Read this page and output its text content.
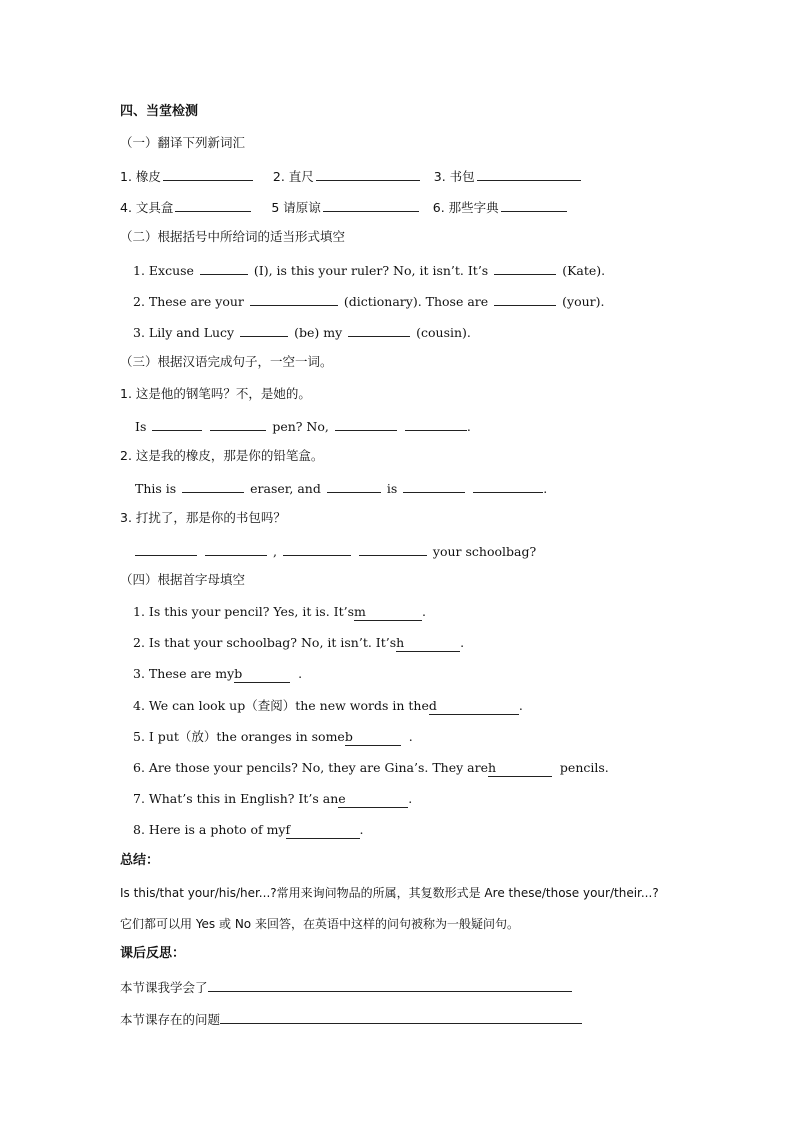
四、当堂检测
（一）翻译下列新词汇
1. 橡皮	2. 直尺	3. 书包
4. 文具盒	5 请原谅	6. 那些字典
（二）根据括号中所给词的适当形式填空
1. Excuse	(I), is this your ruler? No, it isn’t. It’s	(Kate).
2. These are your	(dictionary). Those are	(your).
3. Lily and Lucy	(be) my	(cousin).
（三）根据汉语完成句子，一空一词。
1. 这是他的钢笔吗？不，是她的。
Is	pen? No,	.
2. 这是我的橡皮，那是你的铅笔盒。
This is	eraser, and	is	.
3. 打扰了，那是你的书包吗？
,	your schoolbag?
（四）根据首字母填空
1. Is this your pencil? Yes, it is. It’sm	.
2. Is that your schoolbag? No, it isn’t. It’sh	.
3. These are myb	.
4. We can look up（查阅）the new words in thed	.
5. I put（放）the oranges in someb	.
6. Are those your pencils? No, they are Gina’s. They areh	pencils.
7. What’s this in English? It’s ane	.
8. Here is a photo of myf	.
总结：
Is this/that your/his/her...?常用来询问物品的所属，其复数形式是 Are these/those your/their...?
它们都可以用 Yes 或 No 来回答，在英语中这样的问句被称为一般疑问句。
课后反思：
本节课我学会了
本节课存在的问题
